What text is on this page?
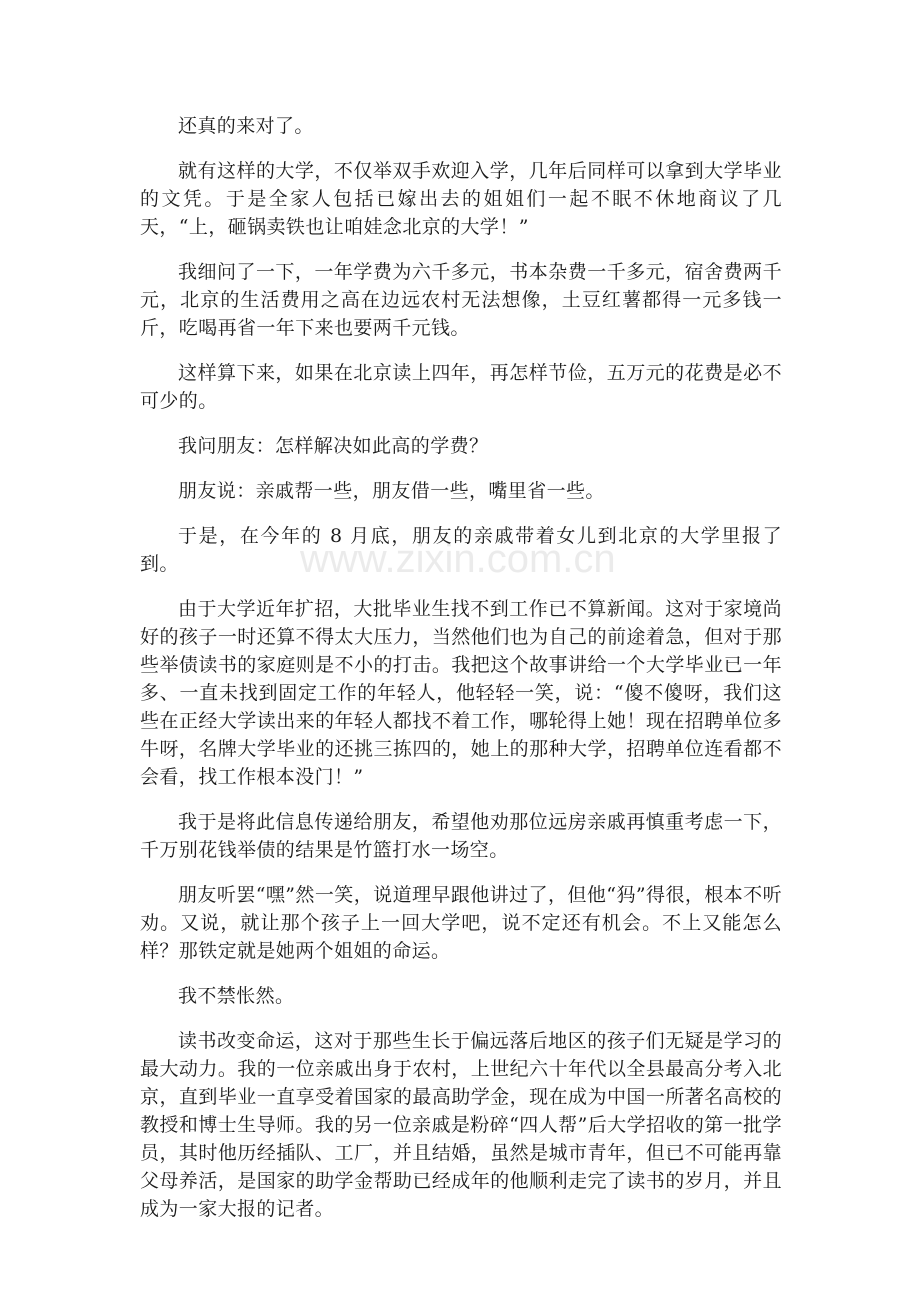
还真的来对了。

就有这样的大学，不仅举双手欢迎入学，几年后同样可以拿到大学毕业的文凭。于是全家人包括已嫁出去的姐姐们一起不眠不休地商议了几天，“上，砸锅卖铁也让咱娃念北京的大学！”

我细问了一下，一年学费为六千多元，书本杂费一千多元，宿舍费两千元，北京的生活费用之高在边远农村无法想像，土豆红薯都得一元多钱一斤，吃喝再省一年下来也要两千元钱。

这样算下来，如果在北京读上四年，再怎样节俭，五万元的花费是必不可少的。

我问朋友：怎样解决如此高的学费？

朋友说：亲戚帮一些，朋友借一些，嘴里省一些。

于是，在今年的 8 月底，朋友的亲戚带着女儿到北京的大学里报了到。

由于大学近年扩招，大批毕业生找不到工作已不算新闻。这对于家境尚好的孩子一时还算不得太大压力，当然他们也为自己的前途着急，但对于那些举债读书的家庭则是不小的打击。我把这个故事讲给一个大学毕业已一年多、一直未找到固定工作的年轻人，他轻轻一笑，说：“傻不傻呀，我们这些在正经大学读出来的年轻人都找不着工作，哪轮得上她！现在招聘单位多牛呀，名牌大学毕业的还挑三拣四的，她上的那种大学，招聘单位连看都不会看，找工作根本没门！”

我于是将此信息传递给朋友，希望他劝那位远房亲戚再慎重考虑一下，千万别花钱举债的结果是竹篮打水一场空。

朋友听罢“嘿”然一笑，说道理早跟他讲过了，但他“犸”得很，根本不听劝。又说，就让那个孩子上一回大学吧，说不定还有机会。不上又能怎么样？那铁定就是她两个姐姐的命运。

我不禁怅然。

读书改变命运，这对于那些生长于偏远落后地区的孩子们无疑是学习的最大动力。我的一位亲戚出身于农村，上世纪六十年代以全县最高分考入北京，直到毕业一直享受着国家的最高助学金，现在成为中国一所著名高校的教授和博士生导师。我的另一位亲戚是粉碎“四人帮”后大学招收的第一批学员，其时他历经插队、工厂，并且结婚，虽然是城市青年，但已不可能再靠父母养活，是国家的助学金帮助已经成年的他顺利走完了读书的岁月，并且成为一家大报的记者。

www.zixin.com.cn
